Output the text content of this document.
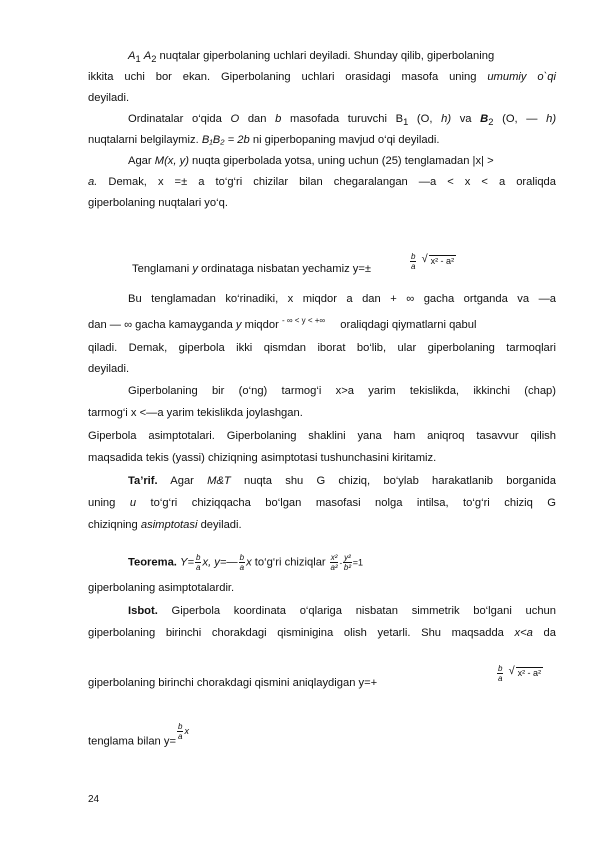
$A_1$ $A_2$ nuqtalar giperbolaning uchlari deyiladi. Shunday qilib, giperbolaning
ikkita uchi bor ekan. Giperbolaning uchlari orasidagi masofa uning umumiy o`qi
deyiladi.
Ordinatalar o‘qida O dan b masofada turuvchi $B_1$ (O, h) va $B_2$ (O, — h)
nuqtalarni belgilaymiz. B₁B₂ = 2b ni giperbopaning mavjud o‘qi deyiladi.
Agar M(x, y) nuqta giperbolada yotsa, uning uchun (25) tenglamadan |x| >
a. Demak, x =± a to‘g‘ri chizilar bilan chegaralangan —a < x < a oraliqda
giperbolaning nuqtalari yo‘q.
Tenglamani y ordinataga nisbatan yechamiz y=±	$\frac{b}{a}$ √ x² - a²
Bu tenglamadan ko‘rinadiki, x miqdor a dan + ∞ gacha ortganda va —a
dan — ∞ gacha kamayganda y miqdor $^{- \infty < y < +\infty}$ oraliqdagi qiymatlarni qabul
qiladi. Demak, giperbola ikki qismdan iborat bo‘lib, ular giperbolaning tarmoqlari
deyiladi.
Giperbolaning bir (o‘ng) tarmog‘i x>a yarim tekislikda, ikkinchi (chap)
tarmog‘i x <—a yarim tekislikda joylashgan.
Giperbola asimptotalari. Giperbolaning shaklini yana ham aniqroq tasavvur qilish
maqsadida tekis (yassi) chiziqning asimptotasi tushunchasini kiritamiz.
Ta’rif. Agar M&T nuqta shu G chiziq, bo‘ylab harakatlanib borganida
uning u to‘g‘ri chiziqqacha bo‘lgan masofasi nolga intilsa, to‘g‘ri chiziq G
chiziqning asimptotasi deyiladi.
Teorema. $Y= \frac{b}{a} x$, y=— $\frac{b}{a}$ x to‘g‘ri chiziqlar $\frac{\text{x²}}{\text{a²}} - \frac{\text{y²}}{\text{b²}} =1$
giperbolaning asimptotalardir.
Isbot. Giperbola koordinata o‘qlariga nisbatan simmetrik bo‘lgani uchun
giperbolaning birinchi chorakdagi qisminigina olish yetarli. Shu maqsadda x<a da
giperbolaning birinchi chorakdagi qismini aniqlaydigan y=+	$\frac{b}{a}$ √ x² - a²
tenglama bilan y=
$\frac{b}{a} ^x$
24
